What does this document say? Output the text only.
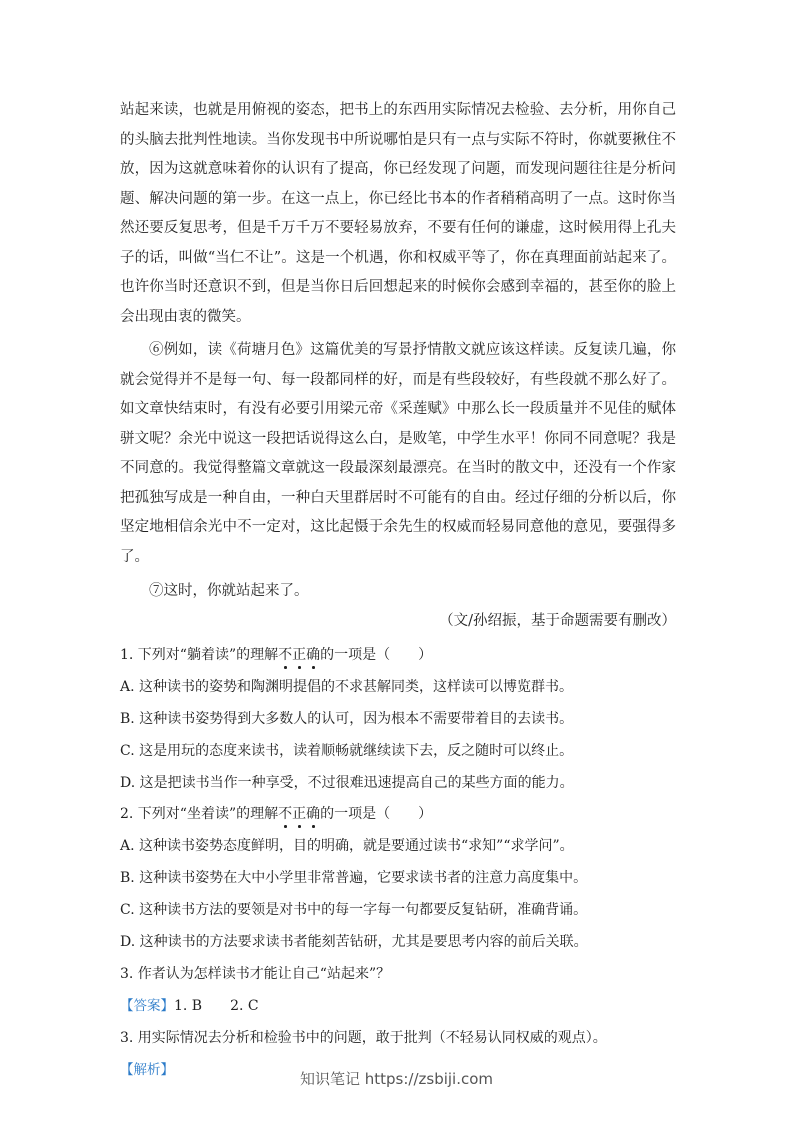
站起来读，也就是用俯视的姿态，把书上的东西用实际情况去检验、去分析，用你自己的头脑去批判性地读。当你发现书中所说哪怕是只有一点与实际不符时，你就要揪住不放，因为这就意味着你的认识有了提高，你已经发现了问题，而发现问题往往是分析问题、解决问题的第一步。在这一点上，你已经比书本的作者稍稍高明了一点。这时你当然还要反复思考，但是千万千万不要轻易放弃，不要有任何的谦虚，这时候用得上孔夫子的话，叫做“当仁不让”。这是一个机遇，你和权威平等了，你在真理面前站起来了。也许你当时还意识不到，但是当你日后回想起来的时候你会感到幸福的，甚至你的脸上会出现由衷的微笑。

⑥例如，读《荷塘月色》这篇优美的写景抒情散文就应该这样读。反复读几遍，你就会觉得并不是每一句、每一段都同样的好，而是有些段较好，有些段就不那么好了。如文章快结束时，有没有必要引用梁元帝《采莲赋》中那么长一段质量并不见佳的赋体骈文呢？余光中说这一段把话说得这么白，是败笔，中学生水平！你同不同意呢？我是不同意的。我觉得整篇文章就这一段最深刻最漂亮。在当时的散文中，还没有一个作家把孤独写成是一种自由，一种白天里群居时不可能有的自由。经过仔细的分析以后，你坚定地相信余光中不一定对，这比起慑于余先生的权威而轻易同意他的意见，要强得多了。

⑦这时，你就站起来了。

（文/孙绍振，基于命题需要有删改）

1. 下列对“躺着读”的理解不正确的一项是（　　）

A. 这种读书的姿势和陶渊明提倡的不求甚解同类，这样读可以博览群书。

B. 这种读书姿势得到大多数人的认可，因为根本不需要带着目的去读书。

C. 这是用玩的态度来读书，读着顺畅就继续读下去，反之随时可以终止。

D. 这是把读书当作一种享受，不过很难迅速提高自己的某些方面的能力。

2. 下列对“坐着读”的理解不正确的一项是（　　）

A. 这种读书姿势态度鲜明，目的明确，就是要通过读书“求知”“求学问”。

B. 这种读书姿势在大中小学里非常普遍，它要求读书者的注意力高度集中。

C. 这种读书方法的要领是对书中的每一字每一句都要反复钻研，准确背诵。

D. 这种读书的方法要求读书者能刻苦钻研，尤其是要思考内容的前后关联。

3. 作者认为怎样读书才能让自己“站起来”？

【答案】1. B　　2. C

3. 用实际情况去分析和检验书中的问题，敢于批判（不轻易认同权威的观点）。

【解析】

知识笔记 https://zsbiji.com
